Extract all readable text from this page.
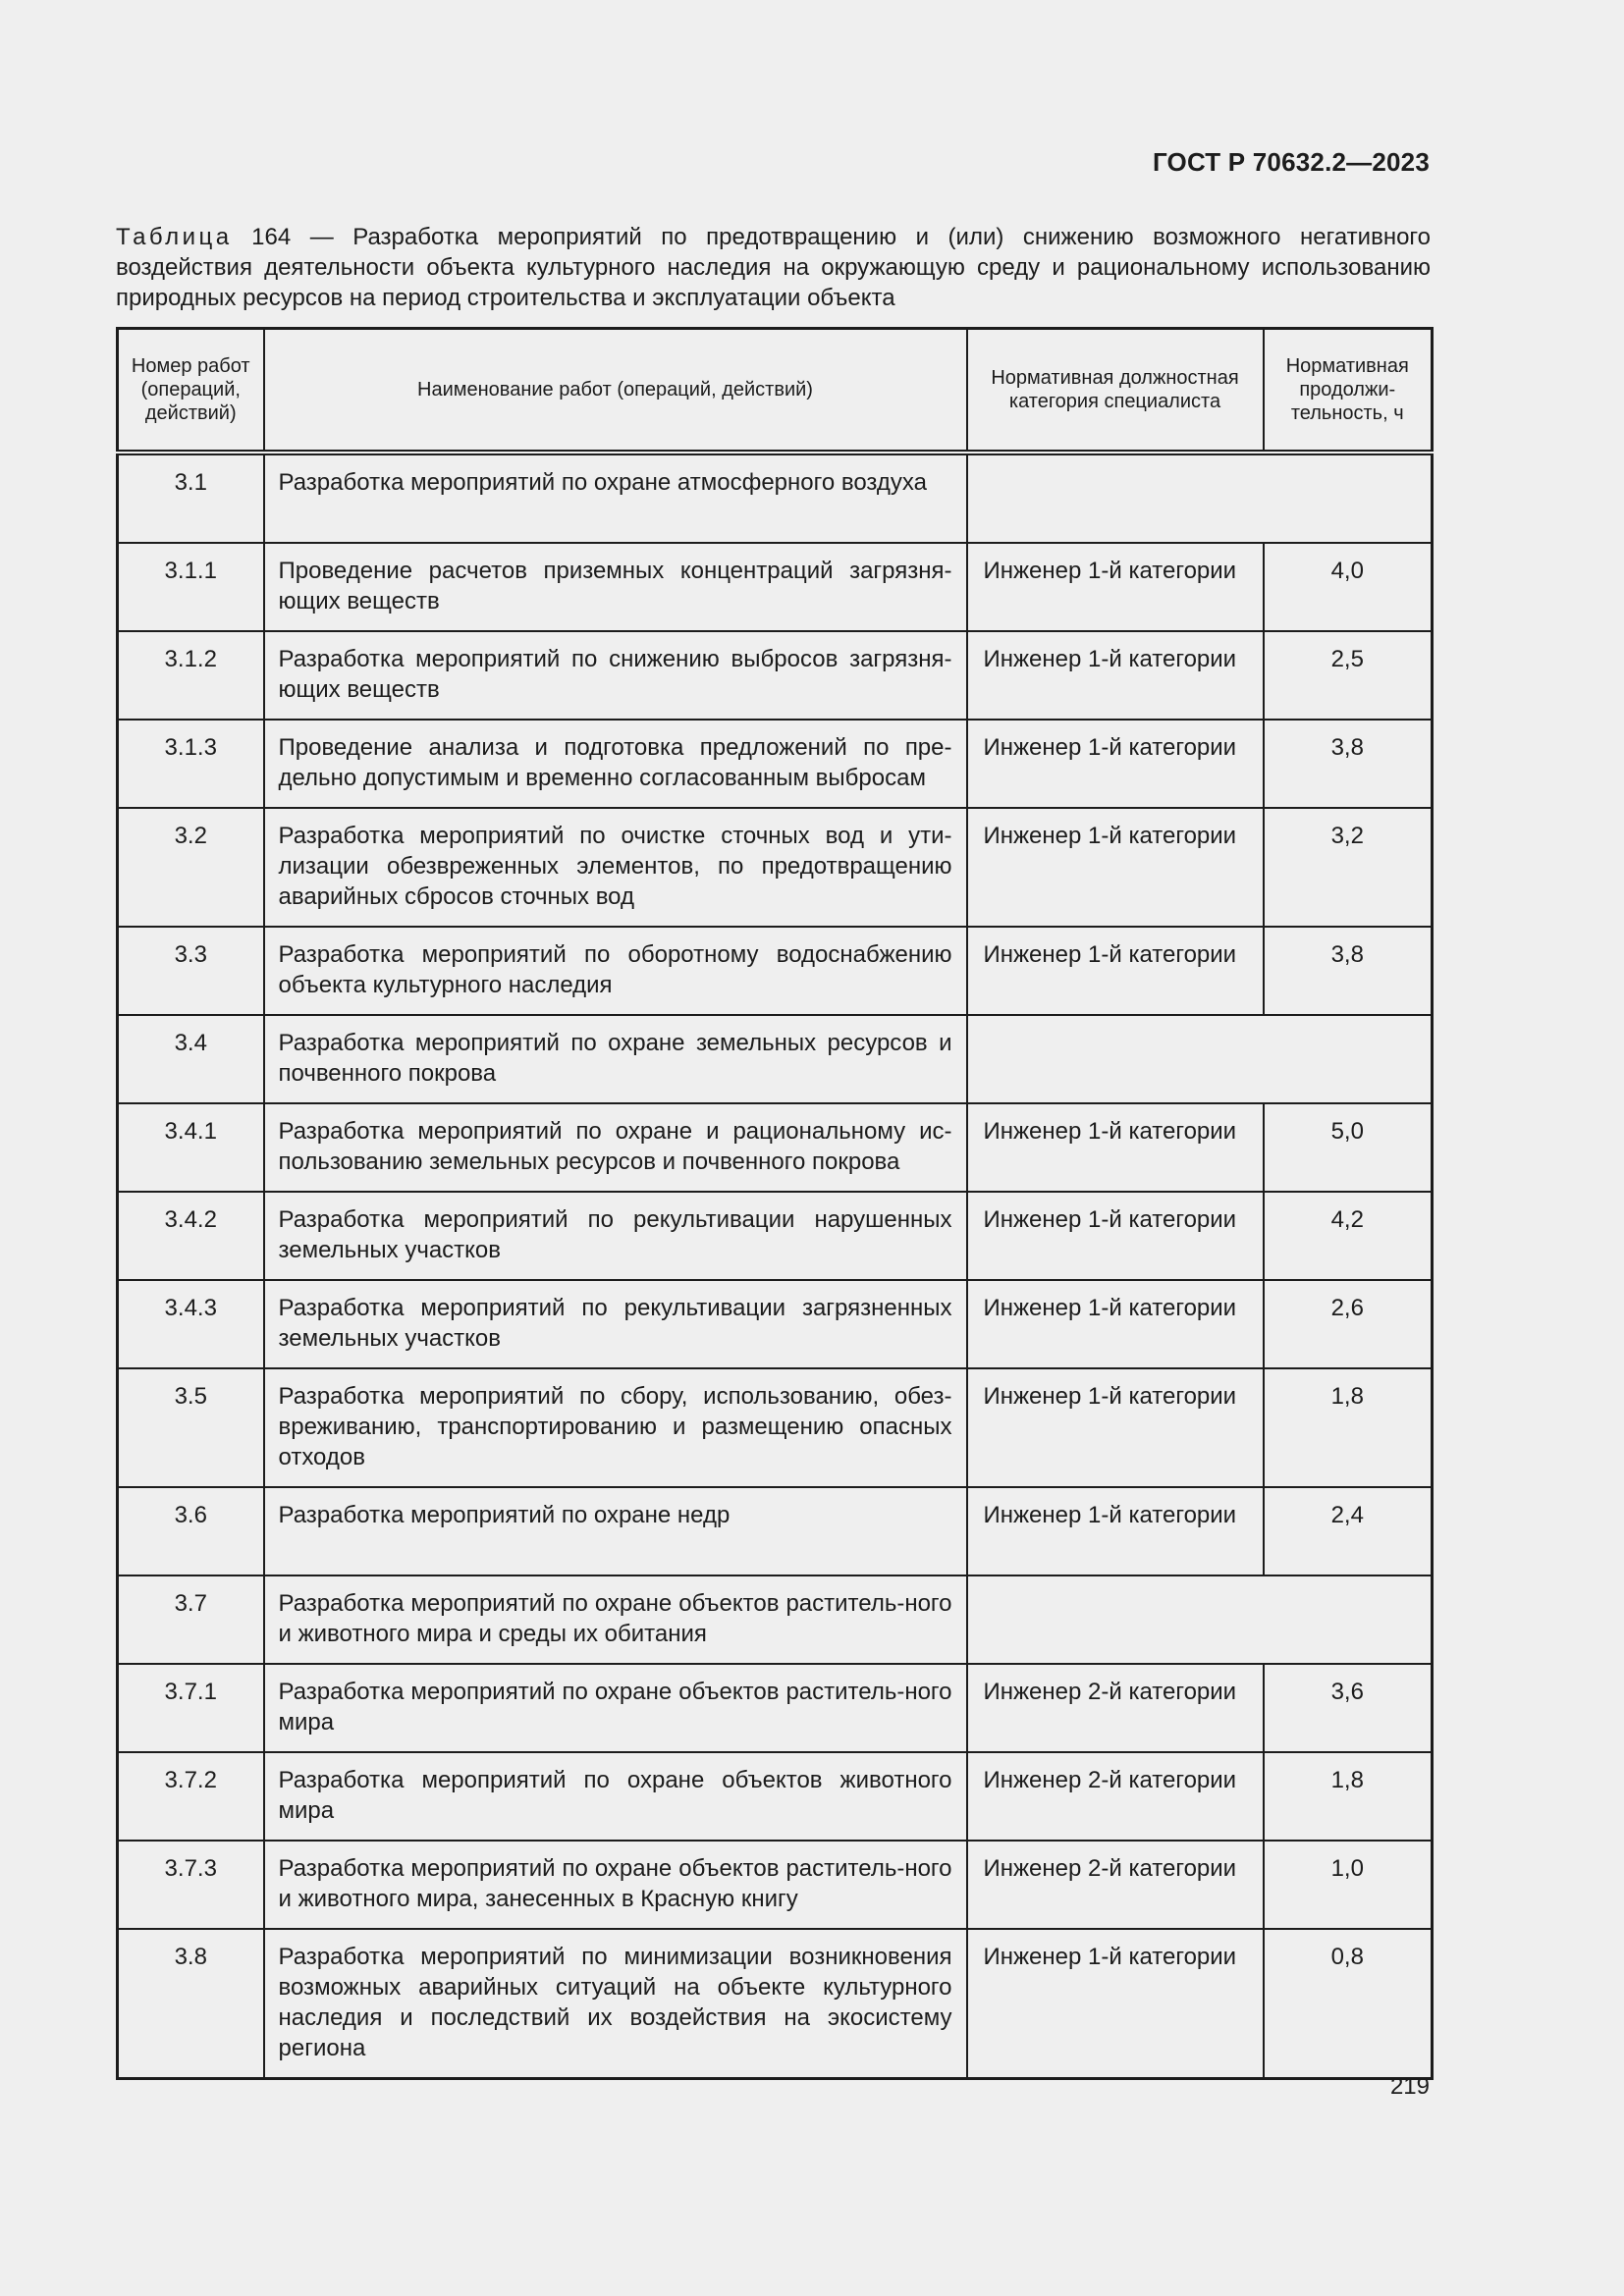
ГОСТ Р 70632.2—2023
Таблица 164 — Разработка мероприятий по предотвращению и (или) снижению возможного негативного воздействия деятельности объекта культурного наследия на окружающую среду и рациональному использованию природных ресурсов на период строительства и эксплуатации объекта
Номер работ (операций, действий)	Наименование работ (операций, действий)	Нормативная должностная категория специалиста	Нормативная продолжи-тельность, ч
3.1	Разработка мероприятий по охране атмосферного воздуха		
3.1.1	Проведение расчетов приземных концентраций загрязня-ющих веществ	Инженер 1-й категории	4,0
3.1.2	Разработка мероприятий по снижению выбросов загрязня-ющих веществ	Инженер 1-й категории	2,5
3.1.3	Проведение анализа и подготовка предложений по пре-дельно допустимым и временно согласованным выбросам	Инженер 1-й категории	3,8
3.2	Разработка мероприятий по очистке сточных вод и ути-лизации обезвреженных элементов, по предотвращению аварийных сбросов сточных вод	Инженер 1-й категории	3,2
3.3	Разработка мероприятий по оборотному водоснабжению объекта культурного наследия	Инженер 1-й категории	3,8
3.4	Разработка мероприятий по охране земельных ресурсов и почвенного покрова		
3.4.1	Разработка мероприятий по охране и рациональному ис-пользованию земельных ресурсов и почвенного покрова	Инженер 1-й категории	5,0
3.4.2	Разработка мероприятий по рекультивации нарушенных земельных участков	Инженер 1-й категории	4,2
3.4.3	Разработка мероприятий по рекультивации загрязненных земельных участков	Инженер 1-й категории	2,6
3.5	Разработка мероприятий по сбору, использованию, обез-вреживанию, транспортированию и размещению опасных отходов	Инженер 1-й категории	1,8
3.6	Разработка мероприятий по охране недр	Инженер 1-й категории	2,4
3.7	Разработка мероприятий по охране объектов раститель-ного и животного мира и среды их обитания		
3.7.1	Разработка мероприятий по охране объектов раститель-ного мира	Инженер 2-й категории	3,6
3.7.2	Разработка мероприятий по охране объектов животного мира	Инженер 2-й категории	1,8
3.7.3	Разработка мероприятий по охране объектов раститель-ного и животного мира, занесенных в Красную книгу	Инженер 2-й категории	1,0
3.8	Разработка мероприятий по минимизации возникновения возможных аварийных ситуаций на объекте культурного наследия и последствий их воздействия на экосистему региона	Инженер 1-й категории	0,8
219
